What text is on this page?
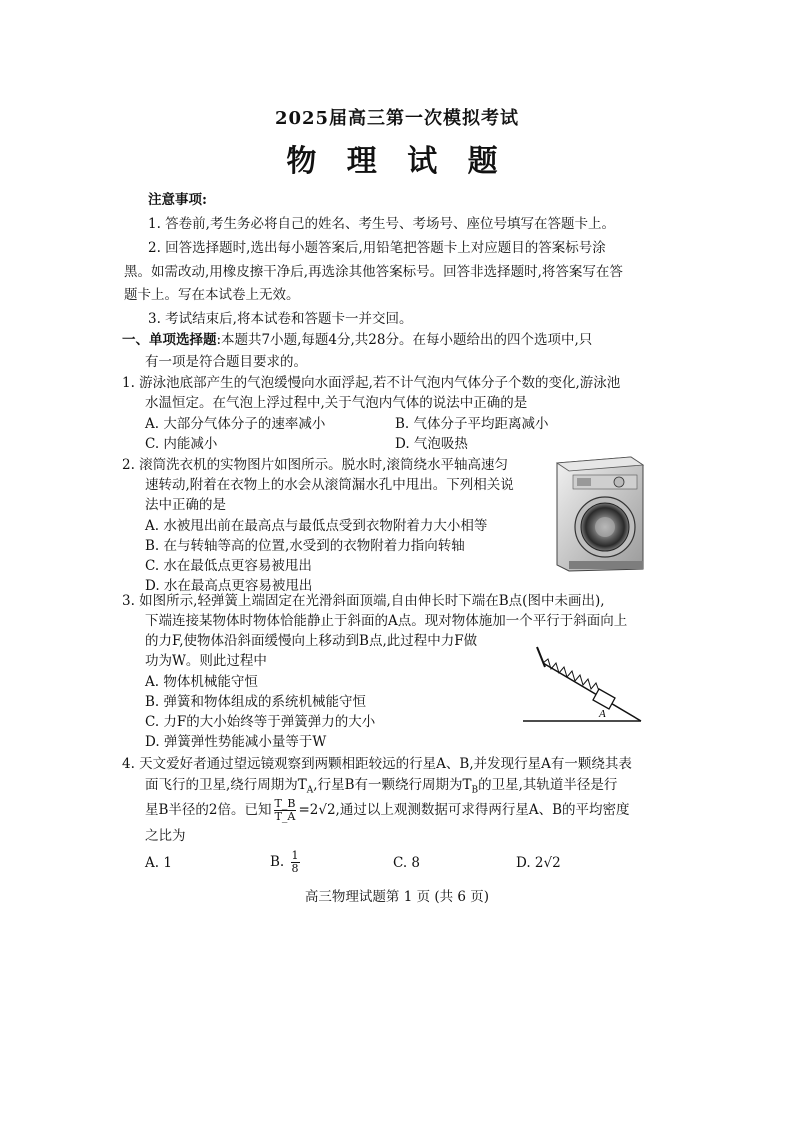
2025届高三第一次模拟考试
物 理 试 题
注意事项:
1. 答卷前,考生务必将自己的姓名、考生号、考场号、座位号填写在答题卡上。
2. 回答选择题时,选出每小题答案后,用铅笔把答题卡上对应题目的答案标号涂
黑。如需改动,用橡皮擦干净后,再选涂其他答案标号。回答非选择题时,将答案写在答
题卡上。写在本试卷上无效。
3. 考试结束后,将本试卷和答题卡一并交回。
一、单项选择题:本题共7小题,每题4分,共28分。在每小题给出的四个选项中,只
有一项是符合题目要求的。
1. 游泳池底部产生的气泡缓慢向水面浮起,若不计气泡内气体分子个数的变化,游泳池
水温恒定。在气泡上浮过程中,关于气泡内气体的说法中正确的是
A. 大部分气体分子的速率减小	B. 气体分子平均距离减小
C. 内能减小	D. 气泡吸热
2. 滚筒洗衣机的实物图片如图所示。脱水时,滚筒绕水平轴高速匀
速转动,附着在衣物上的水会从滚筒漏水孔中甩出。下列相关说
法中正确的是
A. 水被甩出前在最高点与最低点受到衣物附着力大小相等
B. 在与转轴等高的位置,水受到的衣物附着力指向转轴
C. 水在最低点更容易被甩出
D. 水在最高点更容易被甩出
3. 如图所示,轻弹簧上端固定在光滑斜面顶端,自由伸长时下端在B点(图中未画出),
下端连接某物体时物体恰能静止于斜面的A点。现对物体施加一个平行于斜面向上
的力F,使物体沿斜面缓慢向上移动到B点,此过程中力F做
功为W。则此过程中
A. 物体机械能守恒
B. 弹簧和物体组成的系统机械能守恒
C. 力F的大小始终等于弹簧弹力的大小
D. 弹簧弹性势能减小量等于W
A
4. 天文爱好者通过望远镜观察到两颗相距较远的行星A、B,并发现行星A有一颗绕其表
面飞行的卫星,绕行周期为$T_A$,行星B有一颗绕行周期为$T_B$的卫星,其轨道半径是行
星B半径的2倍。已知 $\frac{T\_B}{T\_A} =2√2$,通过以上观测数据可求得两行星A、B的平均密度
之比为
A. 1	B. $\frac{1}{8}$	C. 8	D. 2√2
高三物理试题第 1 页 (共 6 页)
